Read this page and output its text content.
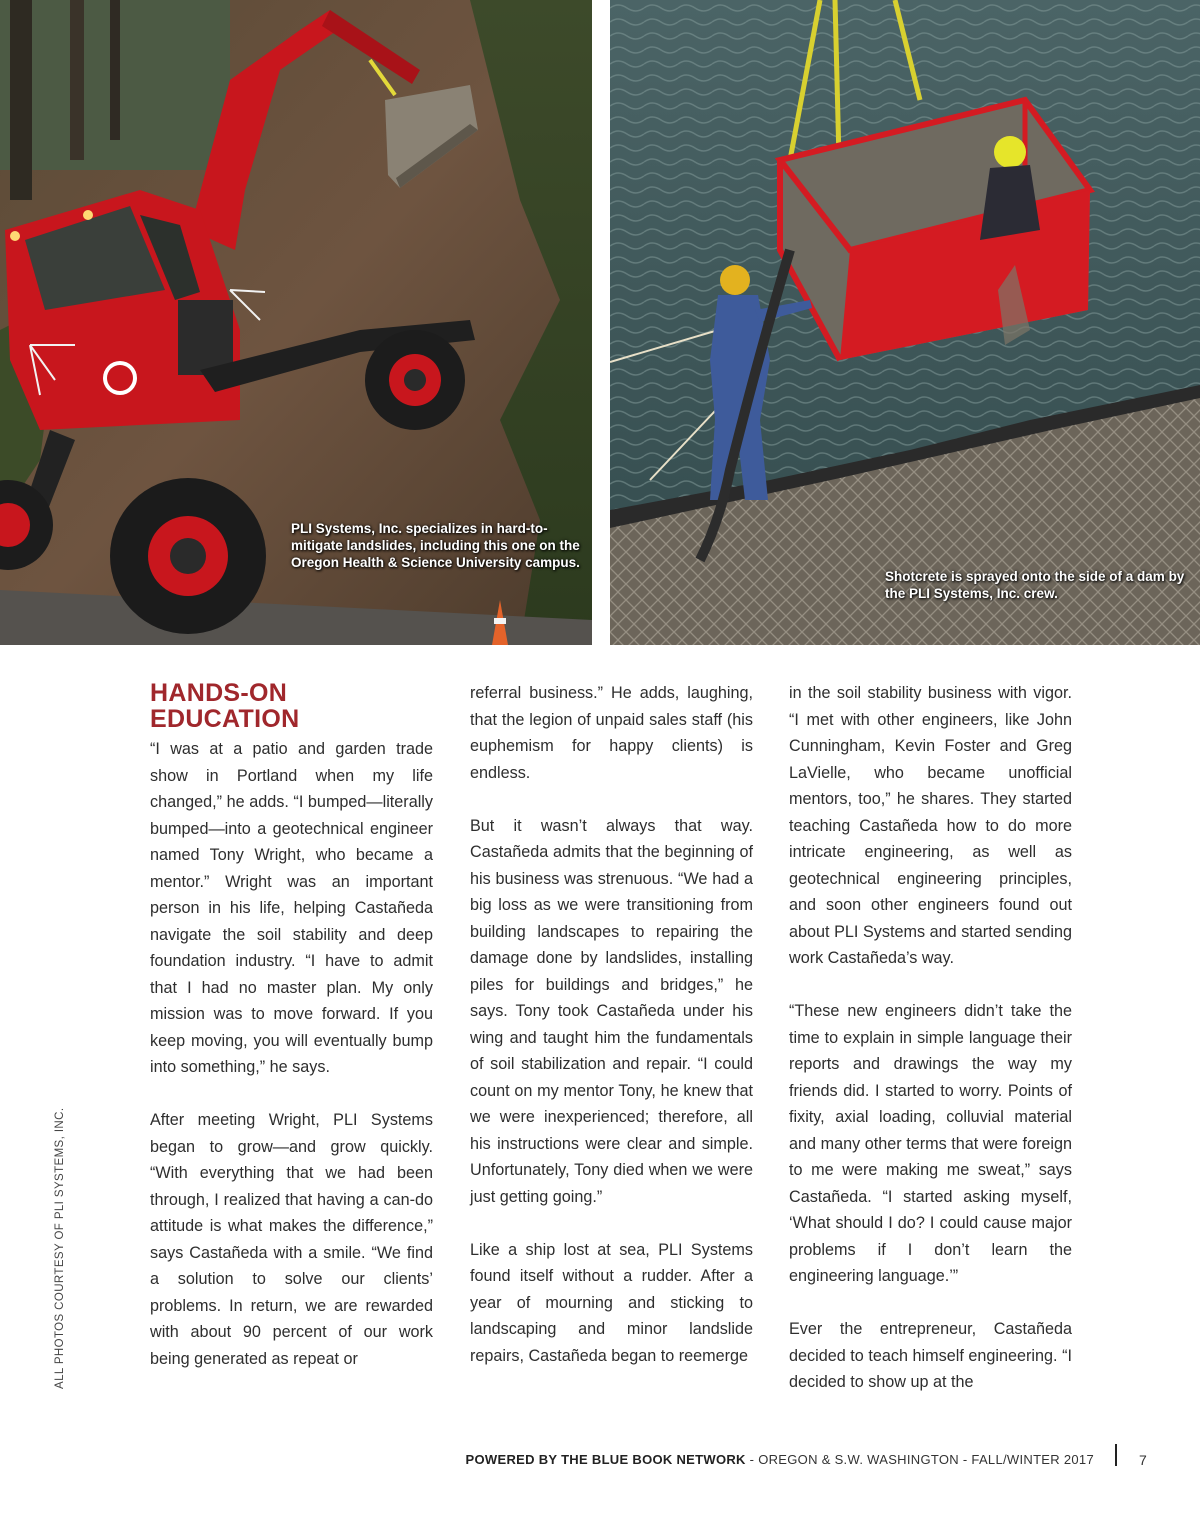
PLI Systems, Inc. specializes in hard-to-mitigate landslides, including this one on the Oregon Health & Science University campus.
Shotcrete is sprayed onto the side of a dam by the PLI Systems, Inc. crew.
ALL PHOTOS COURTESY OF PLI SYSTEMS, INC.
HANDS-ON EDUCATION

“I was at a patio and garden trade show in Portland when my life changed,” he adds. “I bumped—literally bumped—into a geotechnical engineer named Tony Wright, who became a mentor.” Wright was an important person in his life, helping Castañeda navigate the soil stability and deep foundation industry. “I have to admit that I had no master plan. My only mission was to move forward. If you keep moving, you will eventually bump into something,” he says.

After meeting Wright, PLI Systems began to grow—and grow quickly. “With everything that we had been through, I realized that having a can-do attitude is what makes the difference,” says Castañeda with a smile. “We find a solution to solve our clients’ problems. In return, we are rewarded with about 90 percent of our work being generated as repeat or

referral business.” He adds, laughing, that the legion of unpaid sales staff (his euphemism for happy clients) is endless.

But it wasn’t always that way. Castañeda admits that the beginning of his business was strenuous. “We had a big loss as we were transitioning from building landscapes to repairing the damage done by landslides, installing piles for buildings and bridges,” he says. Tony took Castañeda under his wing and taught him the fundamentals of soil stabilization and repair. “I could count on my mentor Tony, he knew that we were inexperienced; therefore, all his instructions were clear and simple. Unfortunately, Tony died when we were just getting going.”

Like a ship lost at sea, PLI Systems found itself without a rudder. After a year of mourning and sticking to landscaping and minor landslide repairs, Castañeda began to reemerge

in the soil stability business with vigor. “I met with other engineers, like John Cunningham, Kevin Foster and Greg LaVielle, who became unofficial mentors, too,” he shares. They started teaching Castañeda how to do more intricate engineering, as well as geotechnical engineering principles, and soon other engineers found out about PLI Systems and started sending work Castañeda’s way.

“These new engineers didn’t take the time to explain in simple language their reports and drawings the way my friends did. I started to worry. Points of fixity, axial loading, colluvial material and many other terms that were foreign to me were making me sweat,” says Castañeda. “I started asking myself, ‘What should I do? I could cause major problems if I don’t learn the engineering language.’”

Ever the entrepreneur, Castañeda decided to teach himself engineering. “I decided to show up at the

POWERED BY THE BLUE BOOK NETWORK - OREGON & S.W. WASHINGTON - FALL/WINTER 2017	7
